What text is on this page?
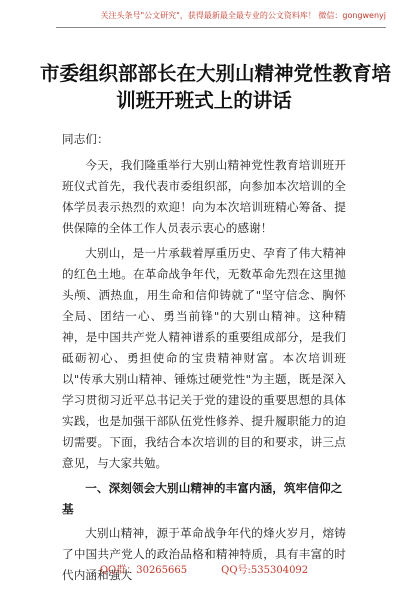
关注头条号"公文研究"，获得最新最全最专业的公文资料库！ 微信：gongwenyj
市委组织部部长在大别山精神党性教育培
训班开班式上的讲话

同志们：

今天，我们隆重举行大别山精神党性教育培训班开班仪式首先，我代表市委组织部，向参加本次培训的全体学员表示热烈的欢迎！向为本次培训班精心筹备、提供保障的全体工作人员表示衷心的感谢！

大别山，是一片承载着厚重历史、孕育了伟大精神的红色土地。在革命战争年代，无数革命先烈在这里抛头颅、洒热血，用生命和信仰铸就了"坚守信念、胸怀全局、团结一心、勇当前锋"的大别山精神。这种精神，是中国共产党人精神谱系的重要组成部分，是我们砥砺初心、勇担使命的宝贵精神财富。本次培训班以"传承大别山精神、锤炼过硬党性"为主题，既是深入学习贯彻习近平总书记关于党的建设的重要思想的具体实践，也是加强干部队伍党性修养、提升履职能力的迫切需要。下面，我结合本次培训的目的和要求，讲三点意见，与大家共勉。

一、深刻领会大别山精神的丰富内涵，筑牢信仰之基

大别山精神，源于革命战争年代的烽火岁月，熔铸了中国共产党人的政治品格和精神特质，具有丰富的时代内涵和强大

QQ群：30265665	QQ号:535304092
